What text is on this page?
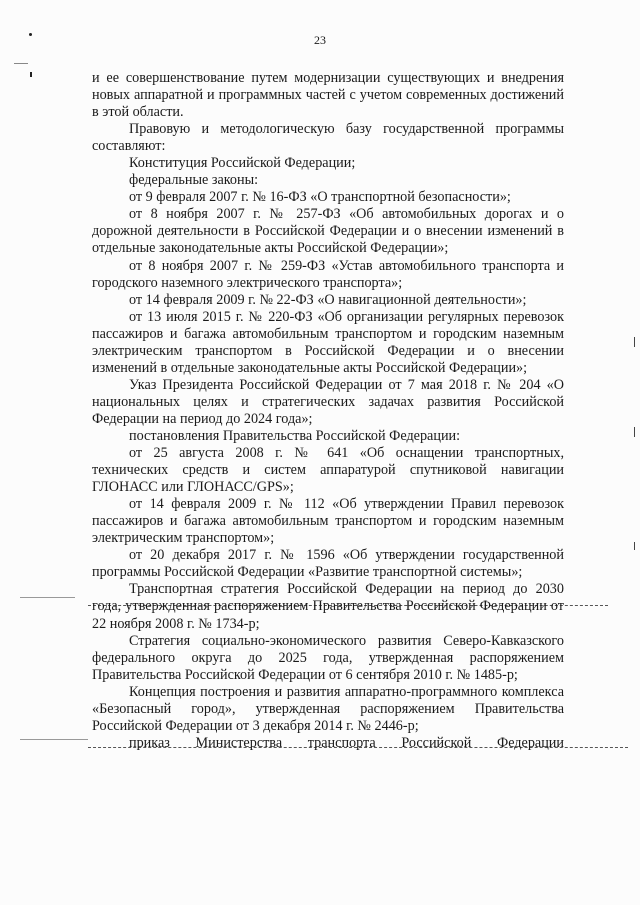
23

и ее совершенствование путем модернизации существующих и внедрения новых аппаратной и программных частей с учетом современных достижений в этой области.

Правовую и методологическую базу государственной программы составляют:

Конституция Российской Федерации;

федеральные законы:

от 9 февраля 2007 г. № 16-ФЗ «О транспортной безопасности»;

от 8 ноября 2007 г. № 257-ФЗ «Об автомобильных дорогах и о дорожной деятельности в Российской Федерации и о внесении изменений в отдельные законодательные акты Российской Федерации»;

от 8 ноября 2007 г. № 259-ФЗ «Устав автомобильного транспорта и городского наземного электрического транспорта»;

от 14 февраля 2009 г. № 22-ФЗ «О навигационной деятельности»;

от 13 июля 2015 г. № 220-ФЗ «Об организации регулярных перевозок пассажиров и багажа автомобильным транспортом и городским наземным электрическим транспортом в Российской Федерации и о внесении изменений в отдельные законодательные акты Российской Федерации»;

Указ Президента Российской Федерации от 7 мая 2018 г. № 204 «О национальных целях и стратегических задачах развития Российской Федерации на период до 2024 года»;

постановления Правительства Российской Федерации:

от 25 августа 2008 г. № 641 «Об оснащении транспортных, технических средств и систем аппаратурой спутниковой навигации ГЛОНАСС или ГЛОНАСС/GPS»;

от 14 февраля 2009 г. № 112 «Об утверждении Правил перевозок пассажиров и багажа автомобильным транспортом и городским наземным электрическим транспортом»;

от 20 декабря 2017 г. № 1596 «Об утверждении государственной программы Российской Федерации «Развитие транспортной системы»;

Транспортная стратегия Российской Федерации на период до 2030 года, утвержденная распоряжением Правительства Российской Федерации от 22 ноября 2008 г. № 1734-р;

Стратегия социально-экономического развития Северо-Кавказского федерального округа до 2025 года, утвержденная распоряжением Правительства Российской Федерации от 6 сентября 2010 г. № 1485-р;

Концепция построения и развития аппаратно-программного комплекса «Безопасный город», утвержденная распоряжением Правительства Российской Федерации от 3 декабря 2014 г. № 2446-р;

приказ Министерства транспорта Российской Федерации
